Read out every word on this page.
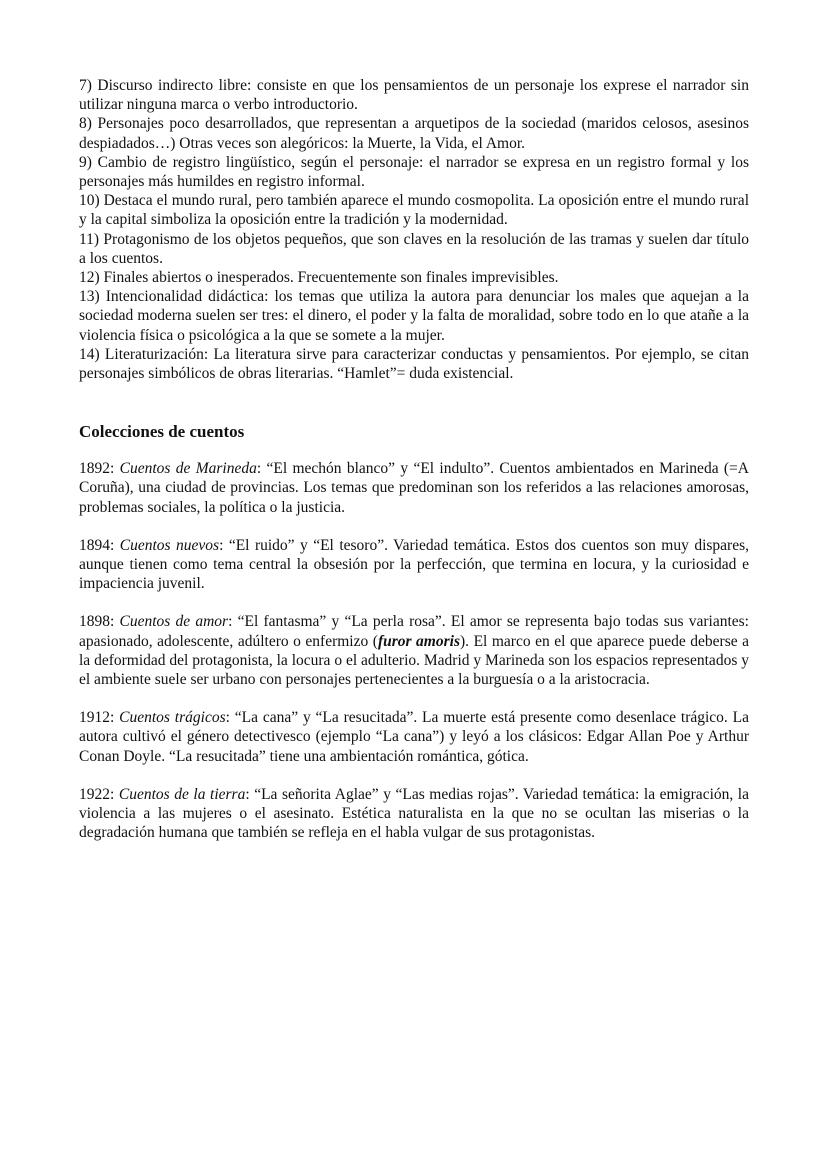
7) Discurso indirecto libre: consiste en que los pensamientos de un personaje los exprese el narrador sin utilizar ninguna marca o verbo introductorio.

8) Personajes poco desarrollados, que representan a arquetipos de la sociedad (maridos celosos, asesinos despiadados…) Otras veces son alegóricos: la Muerte, la Vida, el Amor.

9) Cambio de registro lingüístico, según el personaje: el narrador se expresa en un registro formal y los personajes más humildes en registro informal.

10) Destaca el mundo rural, pero también aparece el mundo cosmopolita. La oposición entre el mundo rural y la capital simboliza la oposición entre la tradición y la modernidad.

11) Protagonismo de los objetos pequeños, que son claves en la resolución de las tramas y suelen dar título a los cuentos.

12) Finales abiertos o inesperados. Frecuentemente son finales imprevisibles.

13) Intencionalidad didáctica: los temas que utiliza la autora para denunciar los males que aquejan a la sociedad moderna suelen ser tres: el dinero, el poder y la falta de moralidad, sobre todo en lo que atañe a la violencia física o psicológica a la que se somete a la mujer.

14) Literaturización: La literatura sirve para caracterizar conductas y pensamientos. Por ejemplo, se citan personajes simbólicos de obras literarias. “Hamlet”= duda existencial.

Colecciones de cuentos

1892: Cuentos de Marineda: “El mechón blanco” y “El indulto”. Cuentos ambientados en Marineda (=A Coruña), una ciudad de provincias. Los temas que predominan son los referidos a las relaciones amorosas, problemas sociales, la política o la justicia.

1894: Cuentos nuevos: “El ruido” y “El tesoro”. Variedad temática. Estos dos cuentos son muy dispares, aunque tienen como tema central la obsesión por la perfección, que termina en locura, y la curiosidad e impaciencia juvenil.

1898: Cuentos de amor: “El fantasma” y “La perla rosa”. El amor se representa bajo todas sus variantes: apasionado, adolescente, adúltero o enfermizo (furor amoris). El marco en el que aparece puede deberse a la deformidad del protagonista, la locura o el adulterio. Madrid y Marineda son los espacios representados y el ambiente suele ser urbano con personajes pertenecientes a la burguesía o a la aristocracia.

1912: Cuentos trágicos: “La cana” y “La resucitada”. La muerte está presente como desenlace trágico. La autora cultivó el género detectivesco (ejemplo “La cana”) y leyó a los clásicos: Edgar Allan Poe y Arthur Conan Doyle. “La resucitada” tiene una ambientación romántica, gótica.

1922: Cuentos de la tierra: “La señorita Aglae” y “Las medias rojas”. Variedad temática: la emigración, la violencia a las mujeres o el asesinato. Estética naturalista en la que no se ocultan las miserias o la degradación humana que también se refleja en el habla vulgar de sus protagonistas.
